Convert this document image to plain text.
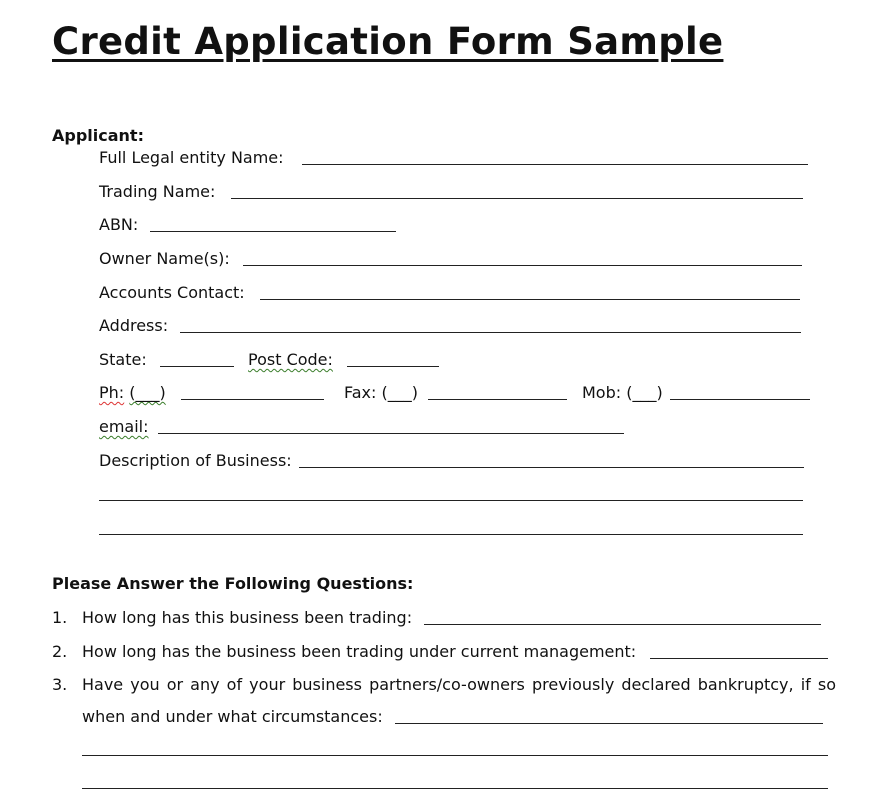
Credit Application Form Sample
Applicant:
Full Legal entity Name:
Trading Name:
ABN:
Owner Name(s):
Accounts Contact:
Address:
State:	Post Code:
Ph: (___)	Fax: (___)	Mob: (___)
email:
Description of Business:
Please Answer the Following Questions:
1. How long has this business been trading:
2. How long has the business been trading under current management:
3. Have you or any of your business partners/co-owners previously declared bankruptcy, if so
when and under what circumstances:
